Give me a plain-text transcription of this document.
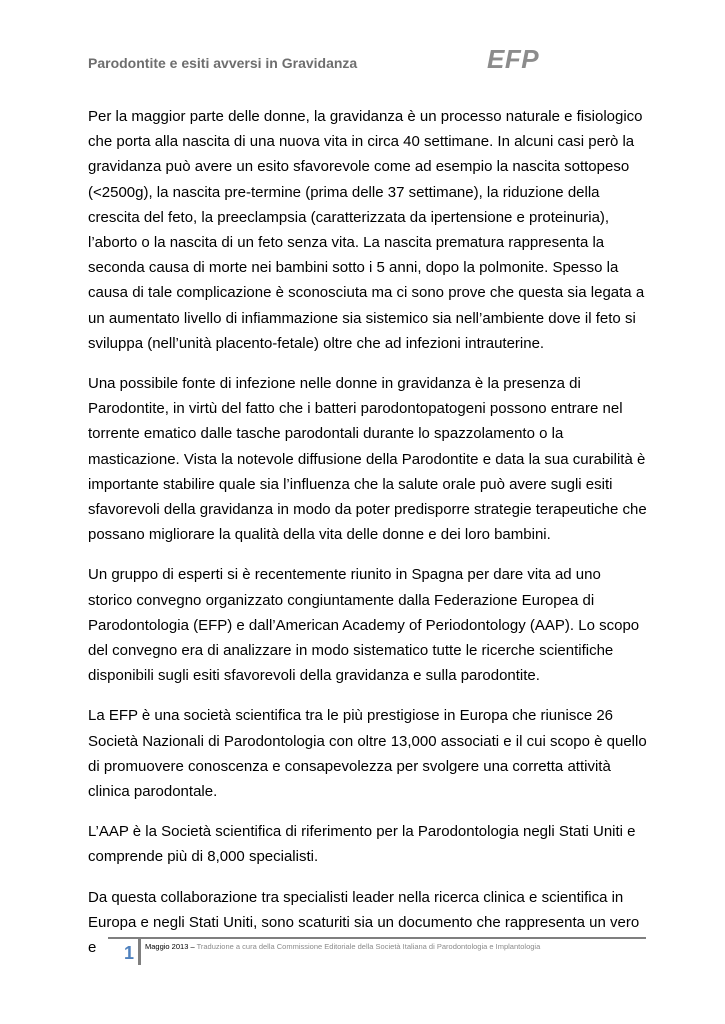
Parodontite e esiti avversi in Gravidanza	EFP

Per la maggior parte delle donne, la gravidanza è un processo naturale e fisiologico che porta alla nascita di una nuova vita in circa 40 settimane. In alcuni casi però la gravidanza può avere un esito sfavorevole come ad esempio la nascita sottopeso (<2500g), la nascita pre-termine (prima delle 37 settimane), la riduzione della crescita del feto, la preeclampsia (caratterizzata da ipertensione e proteinuria), l’aborto o la nascita di un feto senza vita. La nascita prematura rappresenta la seconda causa di morte nei bambini sotto i 5 anni, dopo la polmonite. Spesso la causa di tale complicazione è sconosciuta ma ci sono prove che questa sia legata a un aumentato livello di infiammazione sia sistemico sia nell’ambiente dove il feto si sviluppa (nell’unità placento-fetale) oltre che ad infezioni intrauterine.

Una possibile fonte di infezione nelle donne in gravidanza è la presenza di Parodontite, in virtù del fatto che i batteri parodontopatogeni possono entrare nel torrente ematico dalle tasche parodontali durante lo spazzolamento o la masticazione. Vista la notevole diffusione della Parodontite e data la sua curabilità è importante stabilire quale sia l’influenza che la salute orale può avere sugli esiti sfavorevoli della gravidanza in modo da poter predisporre strategie terapeutiche che possano migliorare la qualità della vita delle donne e dei loro bambini.

Un gruppo di esperti si è recentemente riunito in Spagna per dare vita ad uno storico convegno organizzato congiuntamente dalla Federazione Europea di Parodontologia (EFP) e dall’American Academy of Periodontology (AAP). Lo scopo del convegno era di analizzare in modo sistematico tutte le ricerche scientifiche disponibili sugli esiti sfavorevoli della gravidanza e sulla parodontite.

La EFP è una società scientifica tra le più prestigiose in Europa che riunisce 26 Società Nazionali di Parodontologia con oltre 13,000 associati e il cui scopo è quello di promuovere conoscenza e consapevolezza per svolgere una corretta attività clinica parodontale.

L’AAP è la Società scientifica di riferimento per la Parodontologia negli Stati Uniti e comprende più di 8,000 specialisti.

Da questa collaborazione tra specialisti leader nella ricerca clinica e scientifica in Europa e negli Stati Uniti, sono scaturiti sia un documento che rappresenta un vero e	1 Maggio 2013 – Traduzione a cura della Commissione Editoriale della Società Italiana di Parodontologia e Implantologia
